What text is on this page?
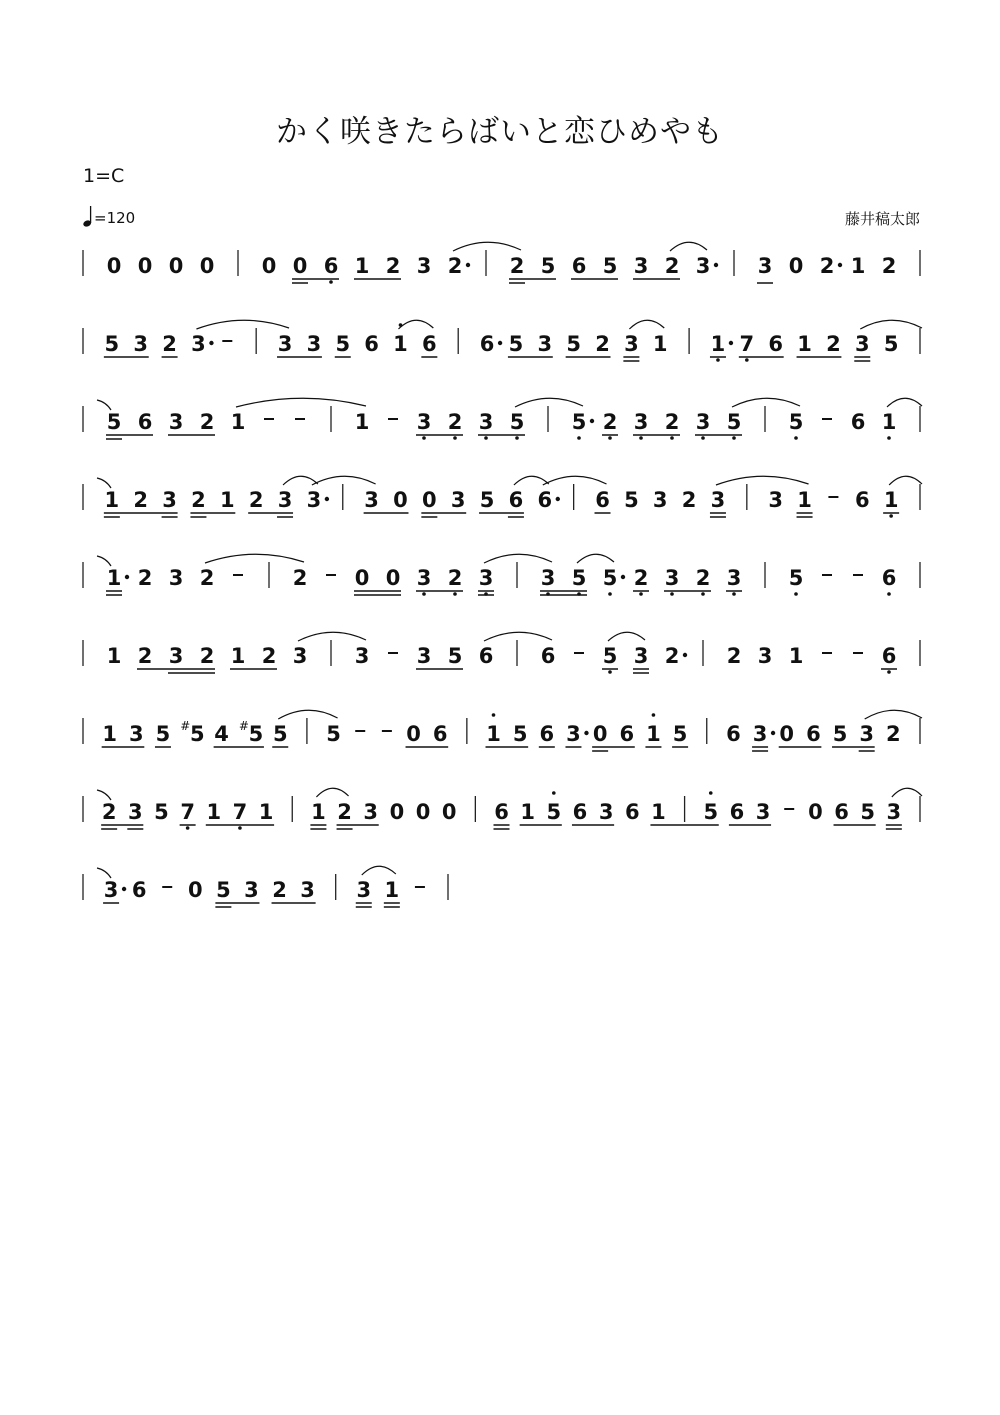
かく咲きたらばいと恋ひめやも
1=C
=120	藤井稿太郎
0 0 0 0 0 0 6 1 2 3 2 2 5 6 5 3 2 3 3 0 2 1 2
5 3 2 3	3 3 5 6 1 6 6 5 3 5 2 3 1 1 7 6 1 2 3 5
5 6 3 2 1	1 3 2 3 5 5 2 3 2 3 5 5 6 1
1 2 3 2 1 2 3 3 3 0 0 3 5 6 6 6 5 3 2 3 3 1 6 1
1 2 3 2	2 0 0 3 2 3 3 5 5 2 3 2 3 5	6
1 2 3 2 1 2 3 3 3 5 6 6 5 3 2 2 3 1	6
1 3 5 5
# 4 5
# 5 5	0 6 1 5 6 3 0 6 1 5 6 3 0 6 5 3 2
2 3 5 7 1 7 1 1 2 3 0 0 0 6 1 5 6 3 6 1 5 6 3 0 6 5 3
3 6 0 5 3 2 3 3 1
